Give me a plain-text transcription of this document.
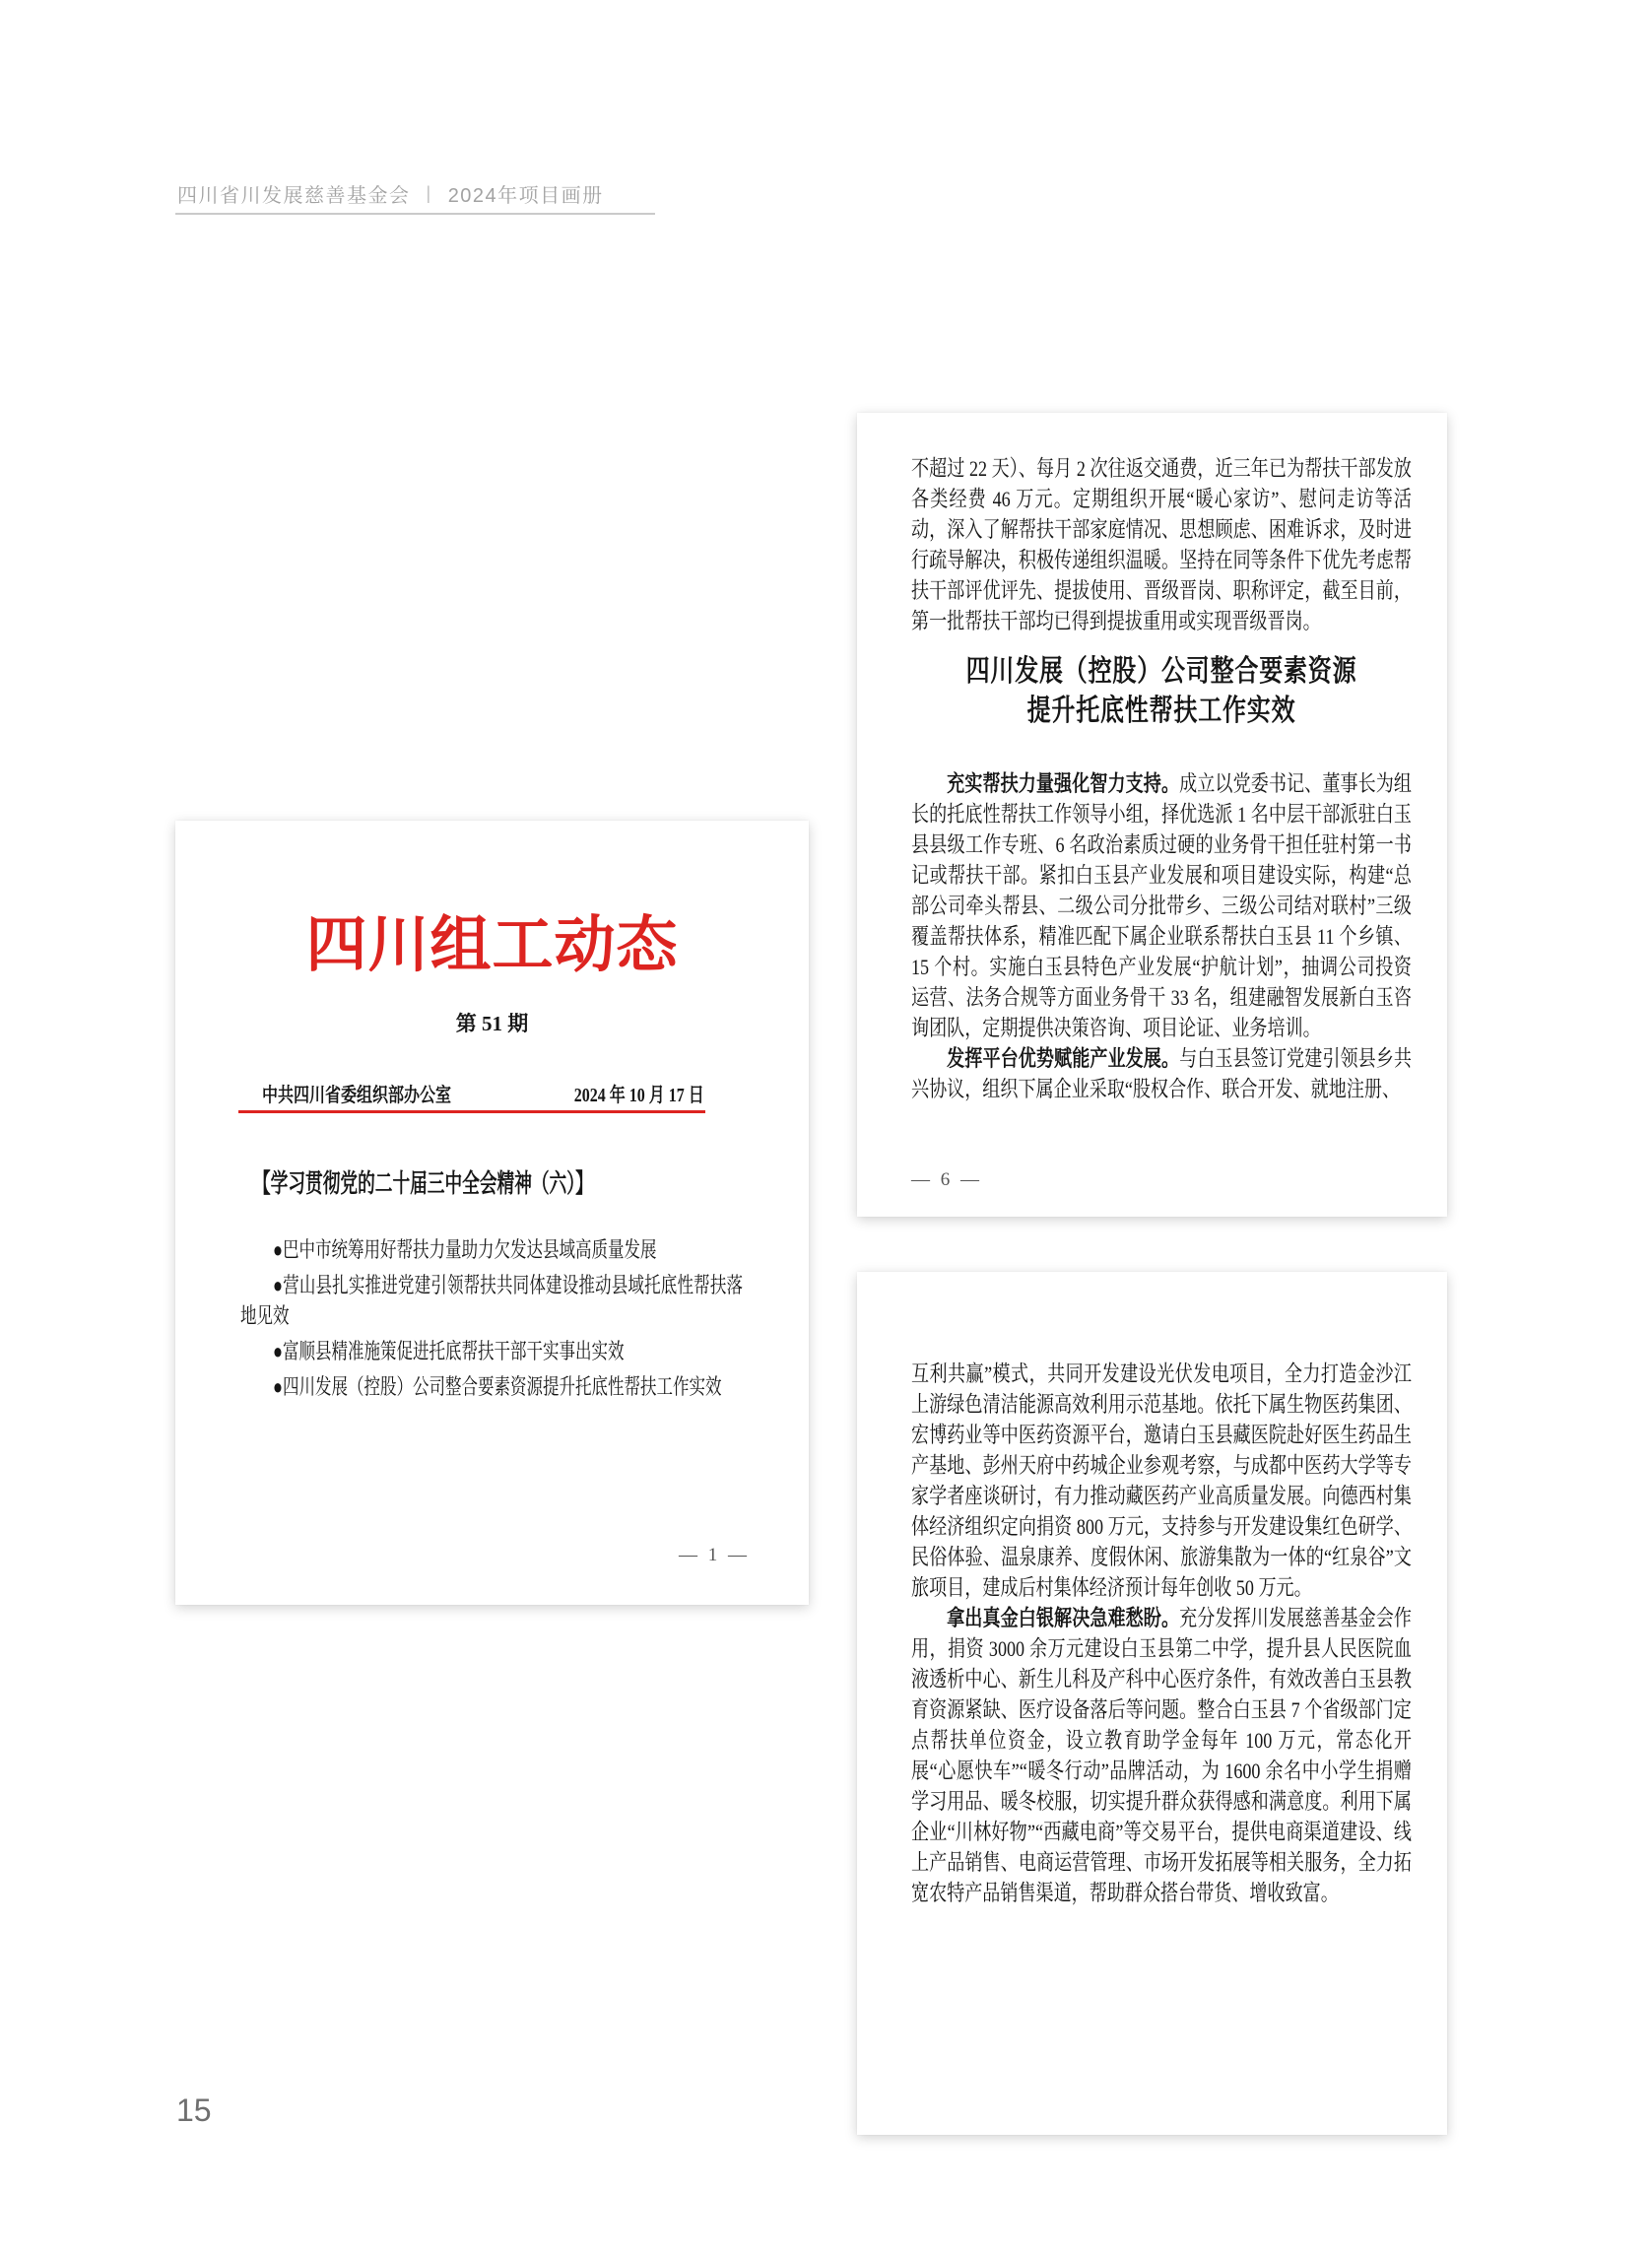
四川省川发展慈善基金会 | 2024年项目画册
四川组工动态
第 51 期
中共四川省委组织部办公室	2024 年 10 月 17 日
【学习贯彻党的二十届三中全会精神（六）】
●巴中市统筹用好帮扶力量助力欠发达县域高质量发展
●营山县扎实推进党建引领帮扶共同体建设推动县域托底性帮扶落地见效
●富顺县精准施策促进托底帮扶干部干实事出实效
●四川发展（控股）公司整合要素资源提升托底性帮扶工作实效
— 1 —

不超过 22 天）、每月 2 次往返交通费，近三年已为帮扶干部发放各类经费 46 万元。定期组织开展“暖心家访”、慰问走访等活动，深入了解帮扶干部家庭情况、思想顾虑、困难诉求，及时进行疏导解决，积极传递组织温暖。坚持在同等条件下优先考虑帮扶干部评优评先、提拔使用、晋级晋岗、职称评定，截至目前，第一批帮扶干部均已得到提拔重用或实现晋级晋岗。

四川发展（控股）公司整合要素资源
提升托底性帮扶工作实效

充实帮扶力量强化智力支持。成立以党委书记、董事长为组长的托底性帮扶工作领导小组，择优选派 1 名中层干部派驻白玉县县级工作专班、6 名政治素质过硬的业务骨干担任驻村第一书记或帮扶干部。紧扣白玉县产业发展和项目建设实际，构建“总部公司牵头帮县、二级公司分批带乡、三级公司结对联村”三级覆盖帮扶体系，精准匹配下属企业联系帮扶白玉县 11 个乡镇、15 个村。实施白玉县特色产业发展“护航计划”，抽调公司投资运营、法务合规等方面业务骨干 33 名，组建融智发展新白玉咨询团队，定期提供决策咨询、项目论证、业务培训。

发挥平台优势赋能产业发展。与白玉县签订党建引领县乡共兴协议，组织下属企业采取“股权合作、联合开发、就地注册、

— 6 —

互利共赢”模式，共同开发建设光伏发电项目，全力打造金沙江上游绿色清洁能源高效利用示范基地。依托下属生物医药集团、宏博药业等中医药资源平台，邀请白玉县藏医院赴好医生药品生产基地、彭州天府中药城企业参观考察，与成都中医药大学等专家学者座谈研讨，有力推动藏医药产业高质量发展。向德西村集体经济组织定向捐资 800 万元，支持参与开发建设集红色研学、民俗体验、温泉康养、度假休闲、旅游集散为一体的“红泉谷”文旅项目，建成后村集体经济预计每年创收 50 万元。

拿出真金白银解决急难愁盼。充分发挥川发展慈善基金会作用，捐资 3000 余万元建设白玉县第二中学，提升县人民医院血液透析中心、新生儿科及产科中心医疗条件，有效改善白玉县教育资源紧缺、医疗设备落后等问题。整合白玉县 7 个省级部门定点帮扶单位资金，设立教育助学金每年 100 万元，常态化开展“心愿快车”“暖冬行动”品牌活动，为 1600 余名中小学生捐赠学习用品、暖冬校服，切实提升群众获得感和满意度。利用下属企业“川林好物”“西藏电商”等交易平台，提供电商渠道建设、线上产品销售、电商运营管理、市场开发拓展等相关服务，全力拓宽农特产品销售渠道，帮助群众搭台带货、增收致富。

15
